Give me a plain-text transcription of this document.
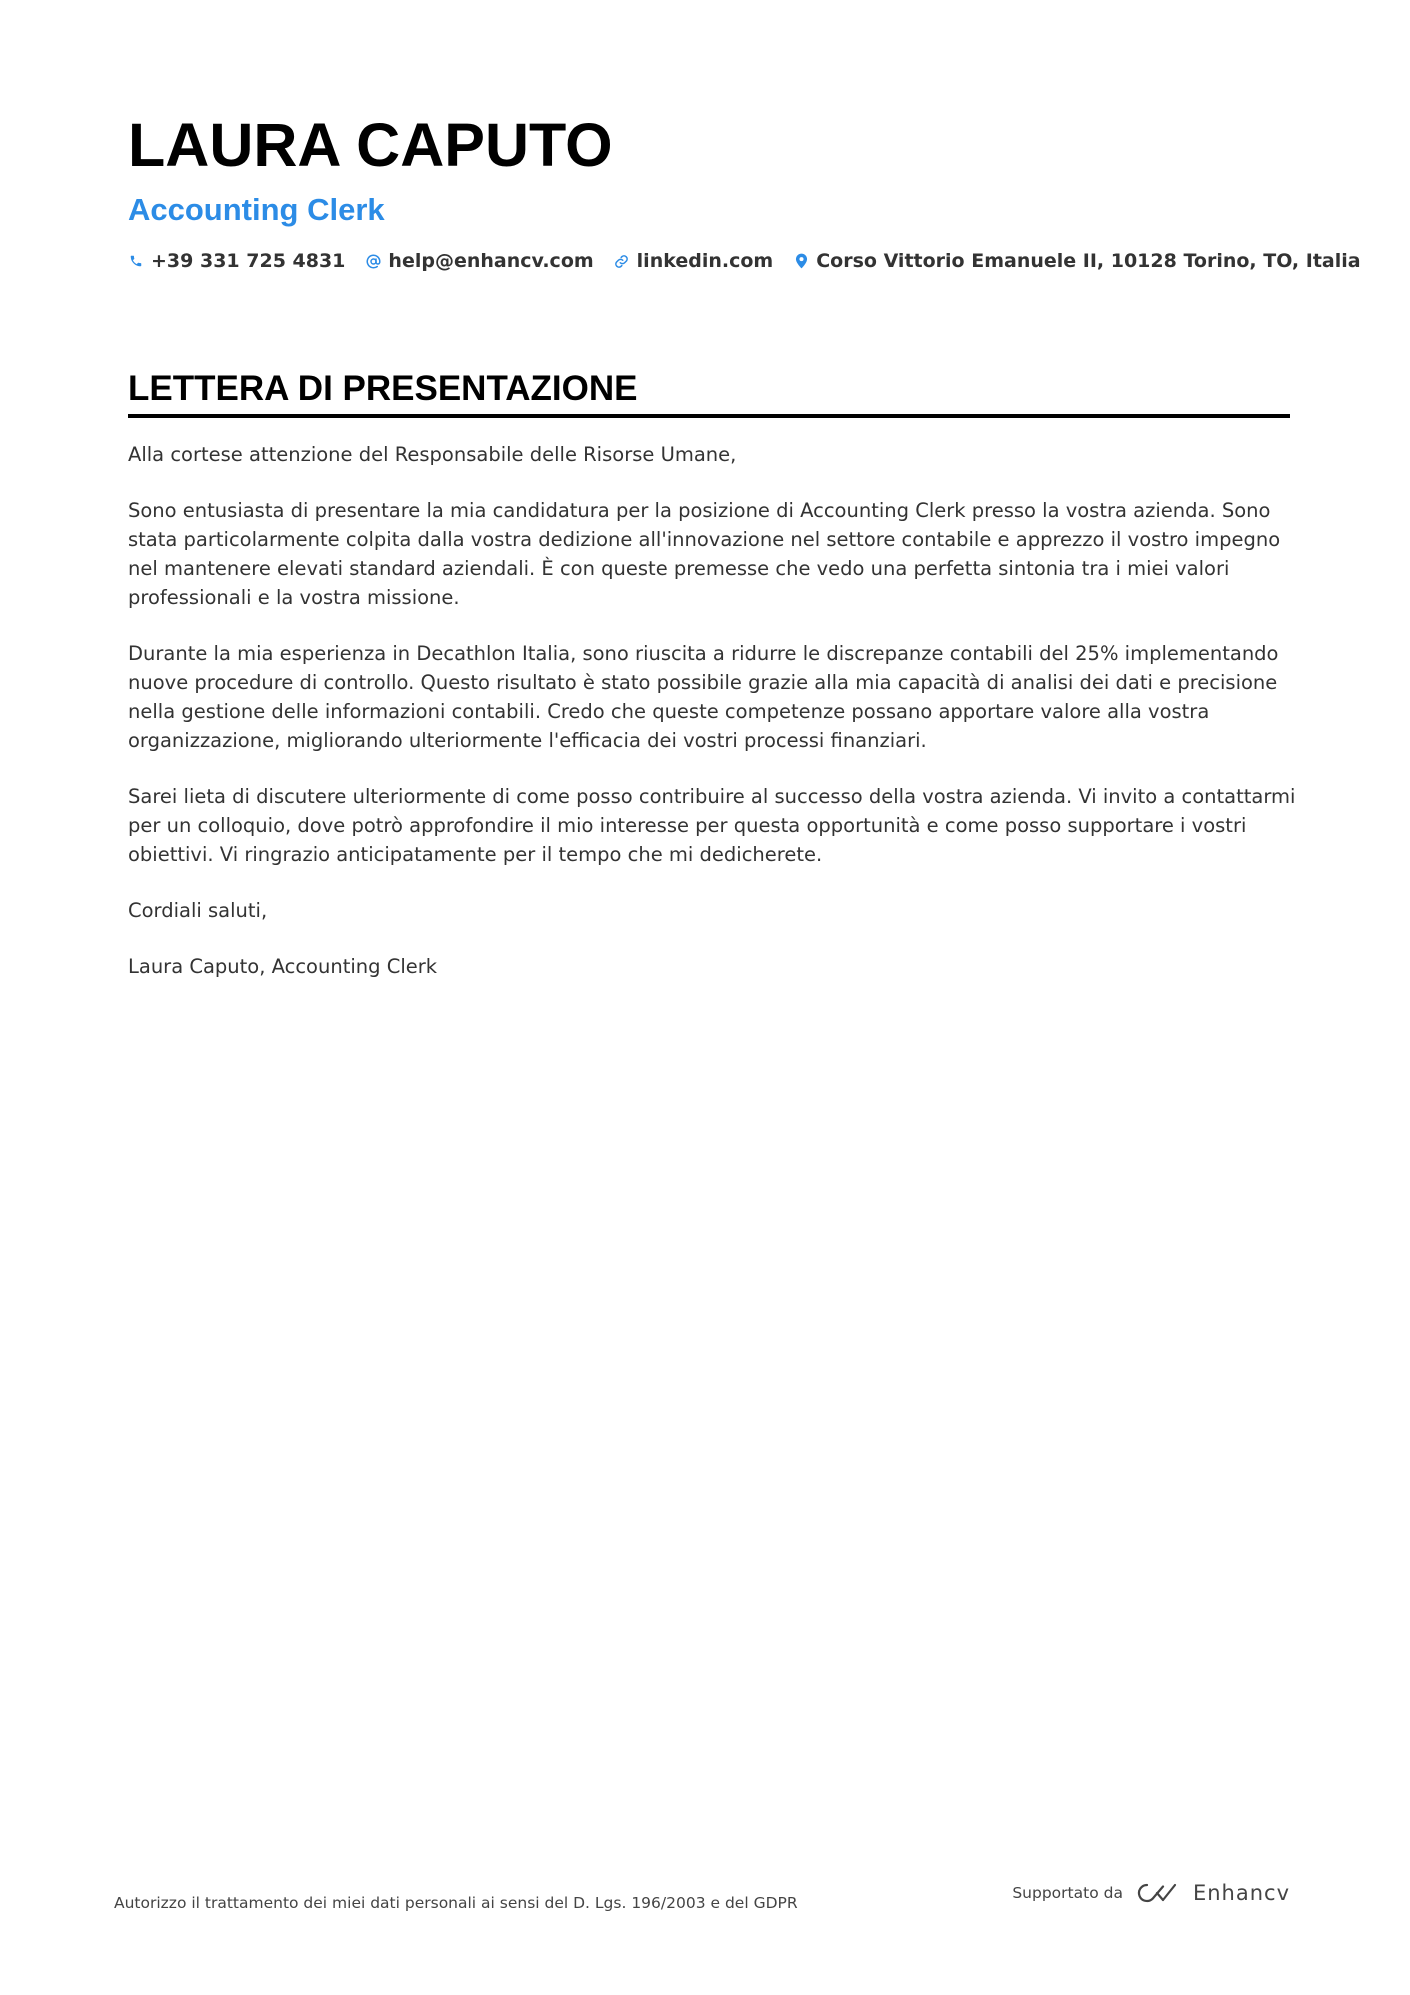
LAURA CAPUTO
Accounting Clerk
+39 331 725 4831 help@enhancv.com linkedin.com Corso Vittorio Emanuele II, 10128 Torino, TO, Italia
LETTERA DI PRESENTAZIONE

Alla cortese attenzione del Responsabile delle Risorse Umane,

Sono entusiasta di presentare la mia candidatura per la posizione di Accounting Clerk presso la vostra azienda. Sono stata particolarmente colpita dalla vostra dedizione all'innovazione nel settore contabile e apprezzo il vostro impegno nel mantenere elevati standard aziendali. È con queste premesse che vedo una perfetta sintonia tra i miei valori professionali e la vostra missione.

Durante la mia esperienza in Decathlon Italia, sono riuscita a ridurre le discrepanze contabili del 25% implementando nuove procedure di controllo. Questo risultato è stato possibile grazie alla mia capacità di analisi dei dati e precisione nella gestione delle informazioni contabili. Credo che queste competenze possano apportare valore alla vostra organizzazione, migliorando ulteriormente l'efficacia dei vostri processi finanziari.

Sarei lieta di discutere ulteriormente di come posso contribuire al successo della vostra azienda. Vi invito a contattarmi per un colloquio, dove potrò approfondire il mio interesse per questa opportunità e come posso supportare i vostri obiettivi. Vi ringrazio anticipatamente per il tempo che mi dedicherete.

Cordiali saluti,

Laura Caputo, Accounting Clerk

Autorizzo il trattamento dei miei dati personali ai sensi del D. Lgs. 196/2003 e del GDPR
Supportato da	Enhancv
